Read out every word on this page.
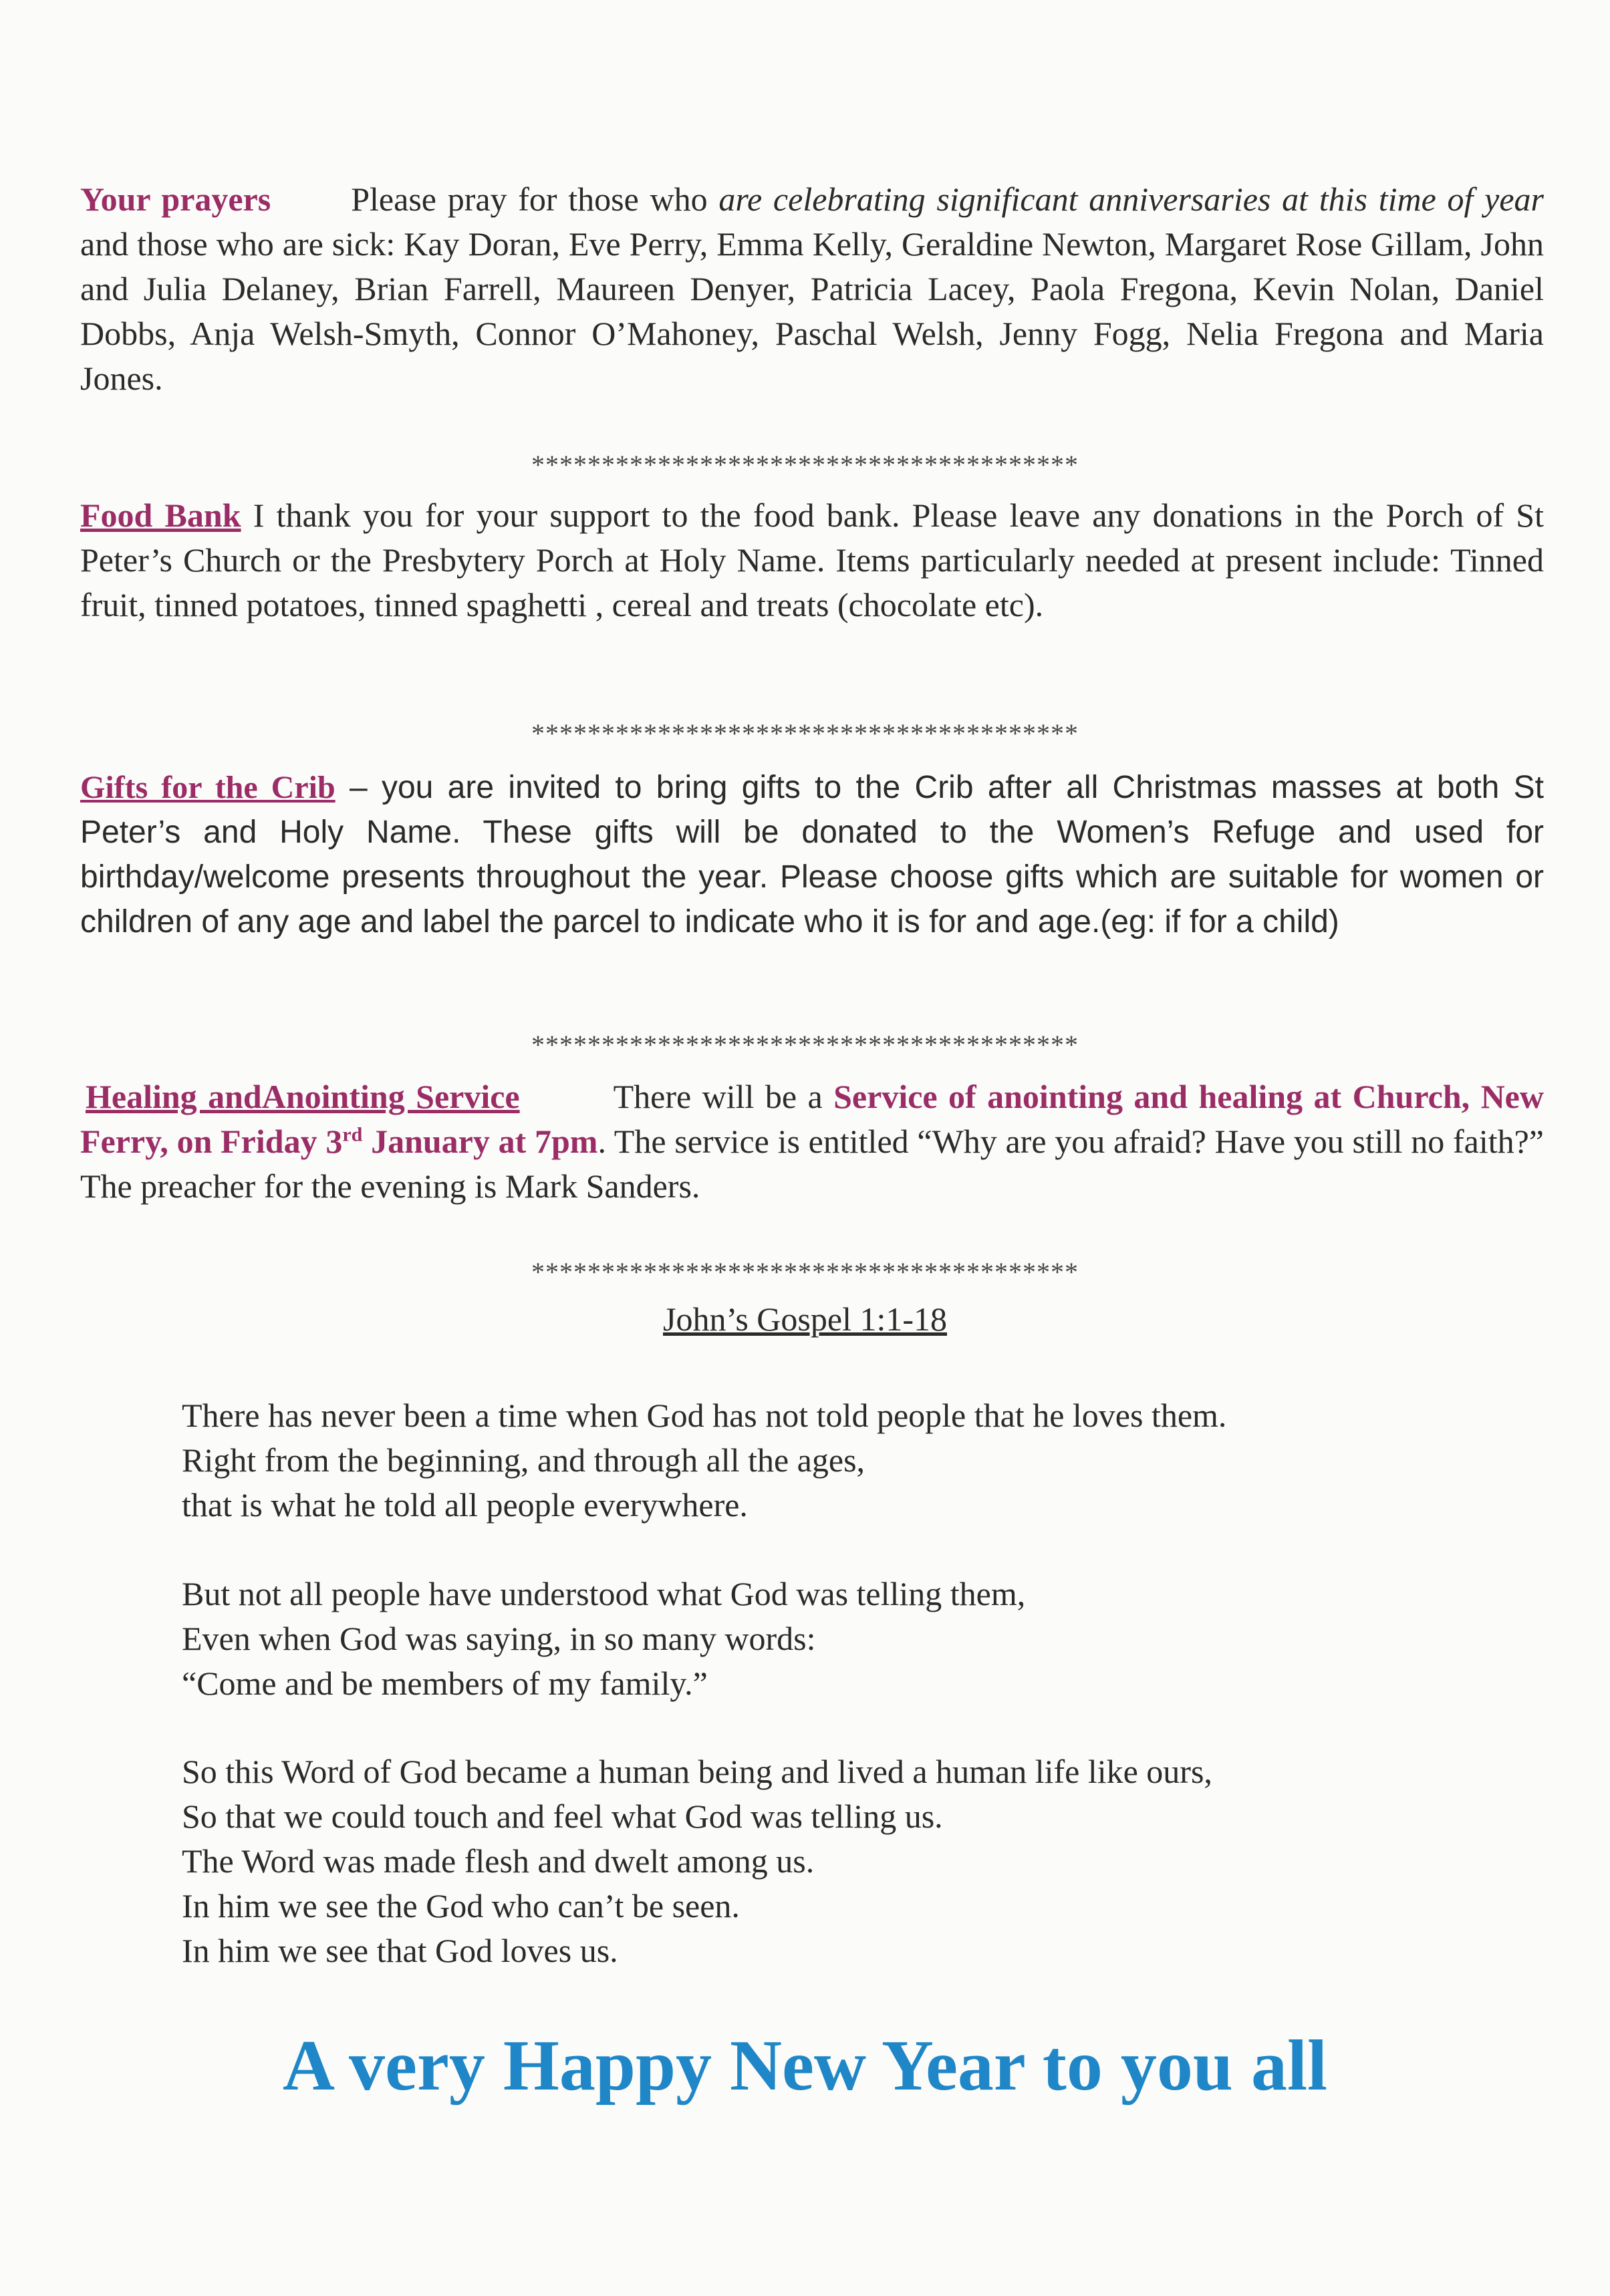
Your prayers Please pray for those who are celebrating significant anniversaries at this time of year and those who are sick: Kay Doran, Eve Perry, Emma Kelly, Geraldine Newton, Margaret Rose Gillam, John and Julia Delaney, Brian Farrell, Maureen Denyer, Patricia Lacey, Paola Fregona, Kevin Nolan, Daniel Dobbs, Anja Welsh-Smyth, Connor O’Mahoney, Paschal Welsh, Jenny Fogg, Nelia Fregona and Maria Jones.

***************************************

Food Bank I thank you for your support to the food bank. Please leave any donations in the Porch of St Peter’s Church or the Presbytery Porch at Holy Name. Items particularly needed at present include: Tinned fruit, tinned potatoes, tinned spaghetti , cereal and treats (chocolate etc).

***************************************

Gifts for the Crib – you are invited to bring gifts to the Crib after all Christmas masses at both St Peter’s and Holy Name. These gifts will be donated to the Women’s Refuge and used for birthday/welcome presents throughout the year. Please choose gifts which are suitable for women or children of any age and label the parcel to indicate who it is for and age.(eg: if for a child)

***************************************

Healing andAnointing Service	There will be a Service of anointing and healing at Church, New Ferry, on Friday 3rd January at 7pm. The service is entitled “Why are you afraid? Have you still no faith?” The preacher for the evening is Mark Sanders.

***************************************

John’s Gospel 1:1-18

There has never been a time when God has not told people that he loves them.

Right from the beginning, and through all the ages,

that is what he told all people everywhere.

But not all people have understood what God was telling them,

Even when God was saying, in so many words:

“Come and be members of my family.”

So this Word of God became a human being and lived a human life like ours,

So that we could touch and feel what God was telling us.

The Word was made flesh and dwelt among us.

In him we see the God who can’t be seen.

In him we see that God loves us.

A very Happy New Year to you all
